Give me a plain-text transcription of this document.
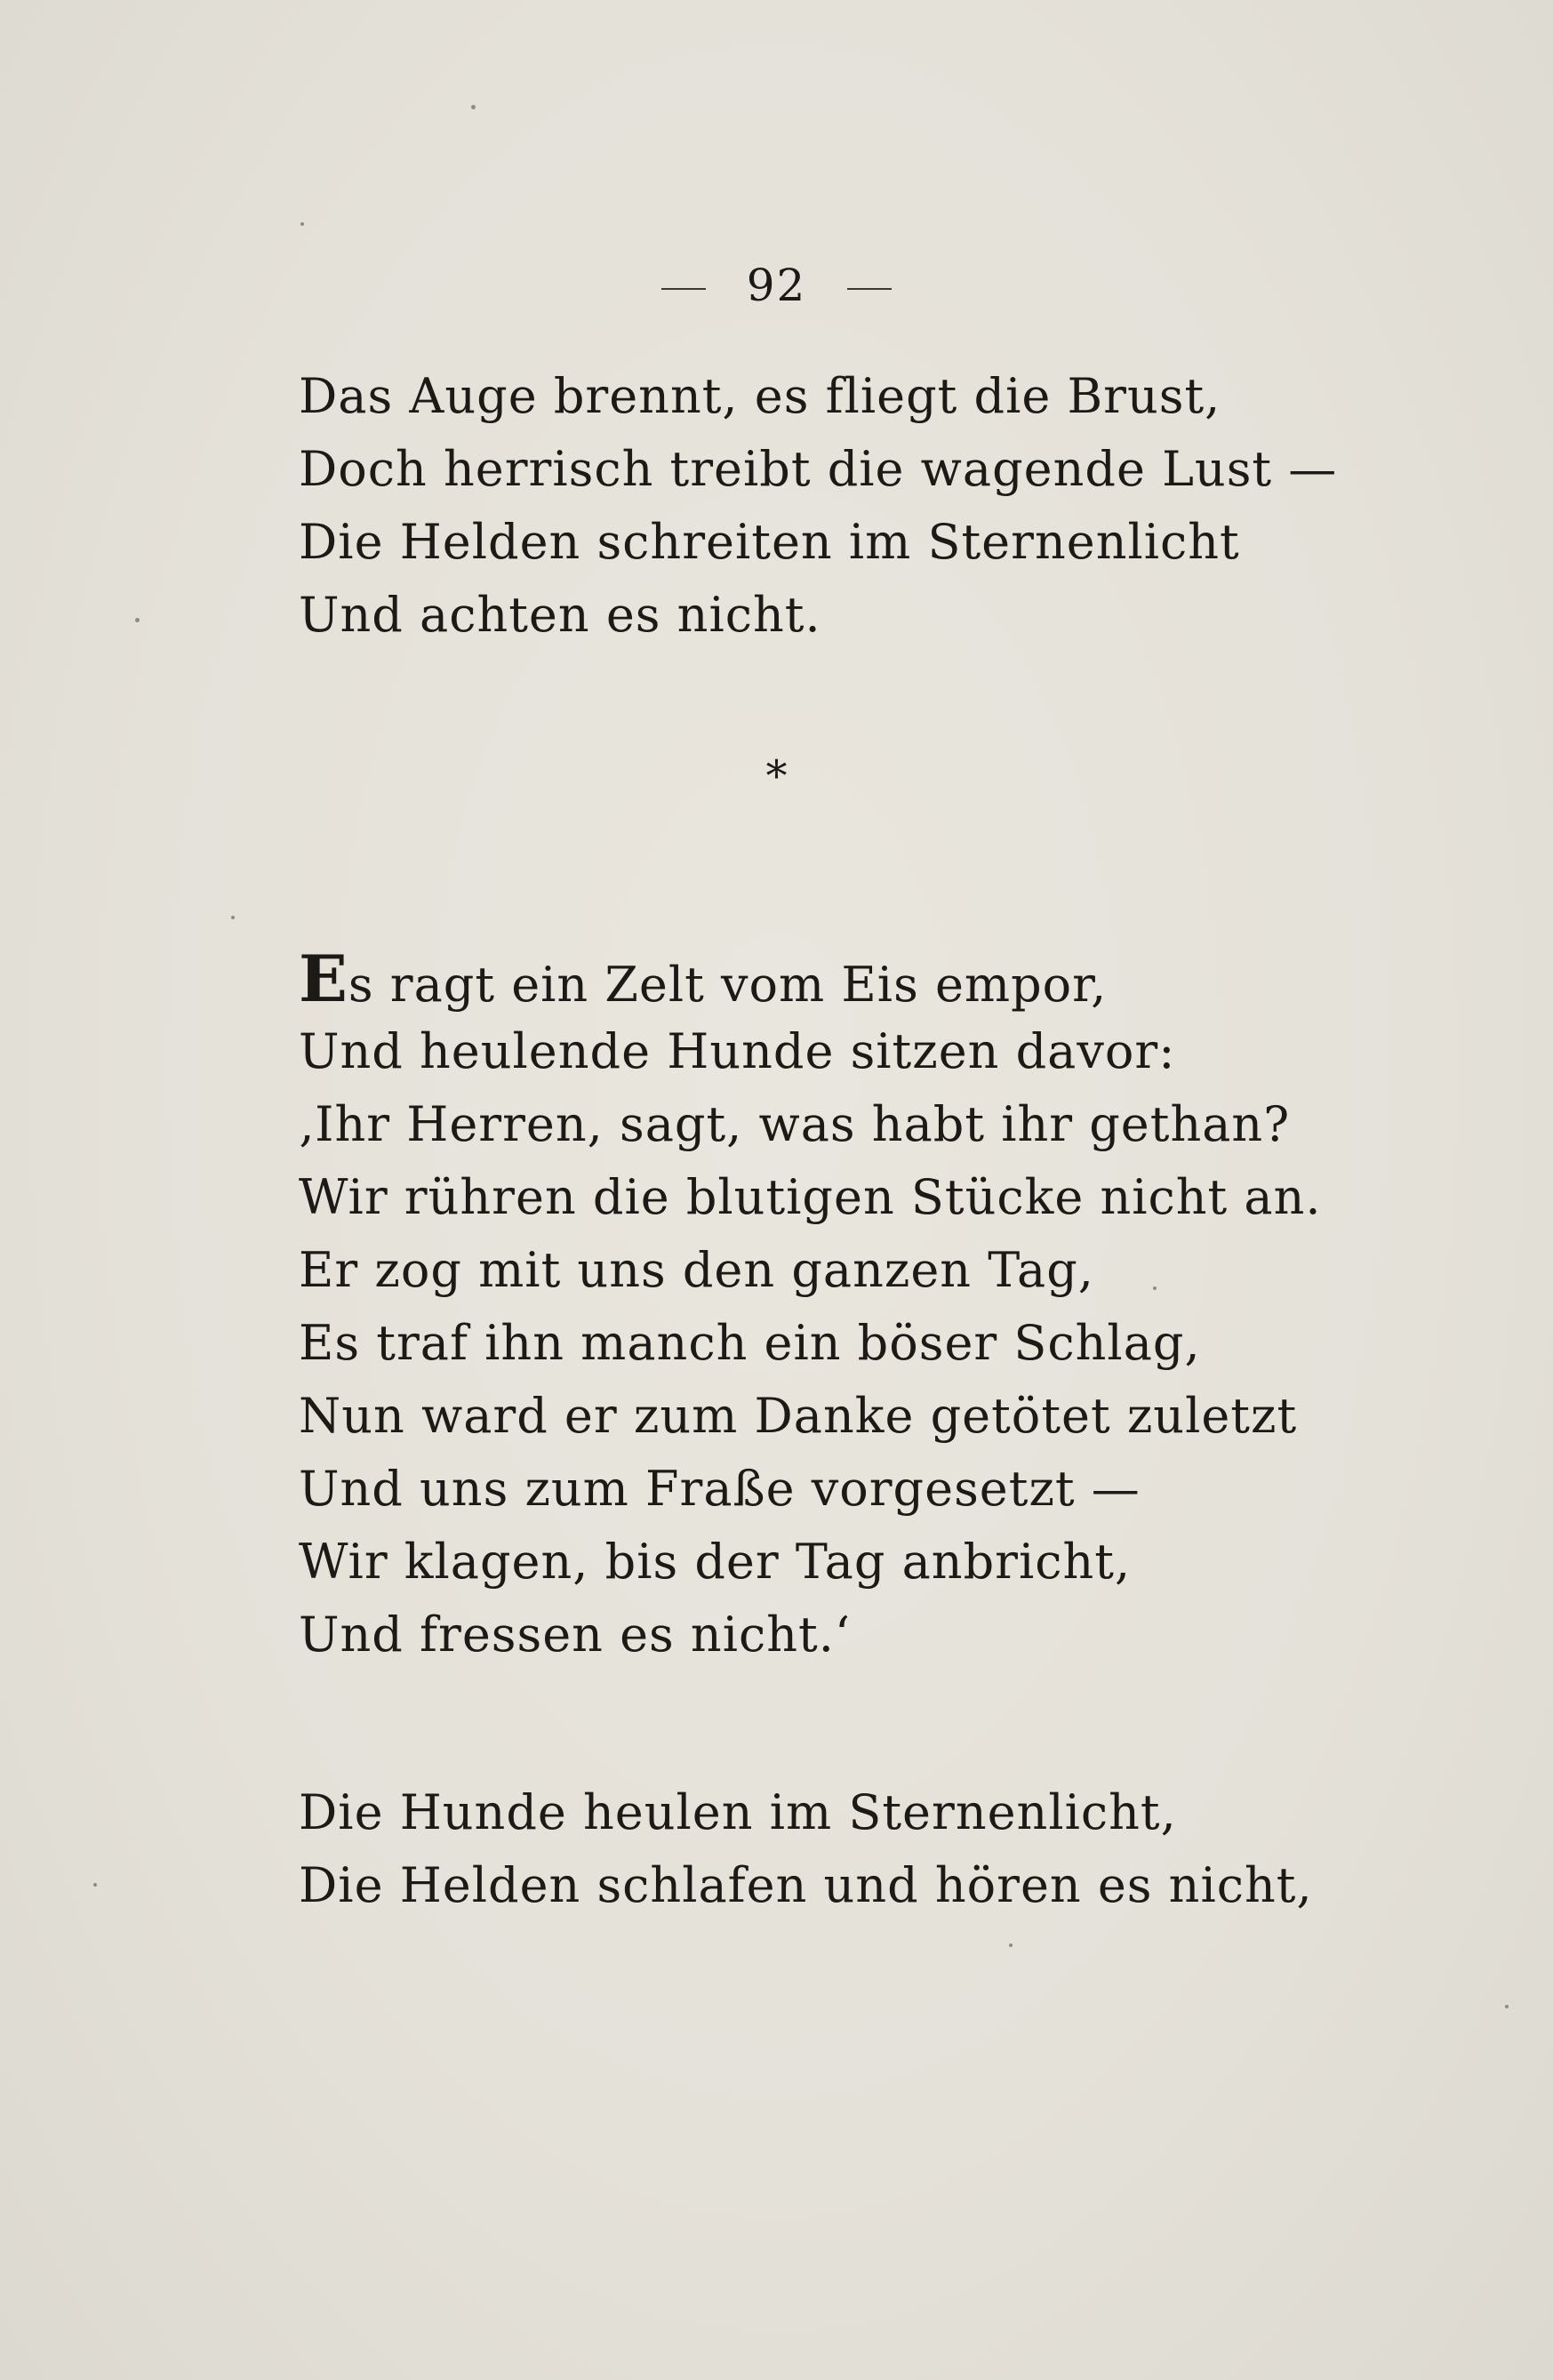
92
Das Auge brennt, es fliegt die Brust,
Doch herrisch treibt die wagende Lust —
Die Helden schreiten im Sternenlicht
Und achten es nicht.
*
Es ragt ein Zelt vom Eis empor,
Und heulende Hunde sitzen davor:
‚Ihr Herren, sagt, was habt ihr gethan?
Wir rühren die blutigen Stücke nicht an.
Er zog mit uns den ganzen Tag,
Es traf ihn manch ein böser Schlag,
Nun ward er zum Danke getötet zuletzt
Und uns zum Fraße vorgesetzt —
Wir klagen, bis der Tag anbricht,
Und fressen es nicht.‘
Die Hunde heulen im Sternenlicht,
Die Helden schlafen und hören es nicht,
